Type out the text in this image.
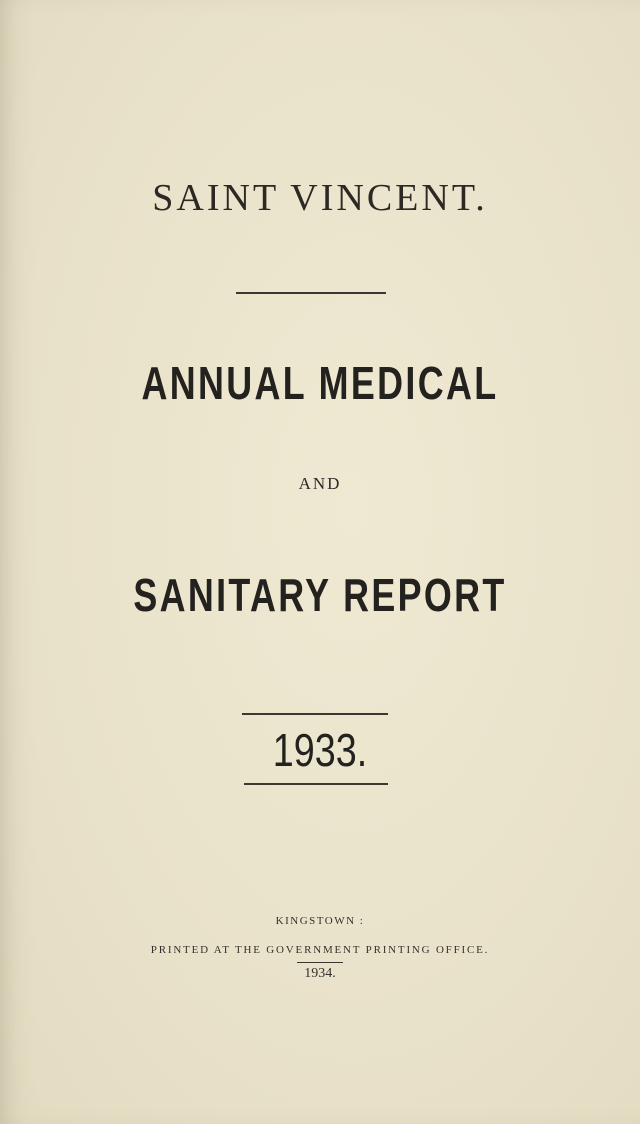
SAINT VINCENT.
ANNUAL MEDICAL
AND
SANITARY REPORT
1933.
KINGSTOWN :
PRINTED AT THE GOVERNMENT PRINTING OFFICE.
1934.
